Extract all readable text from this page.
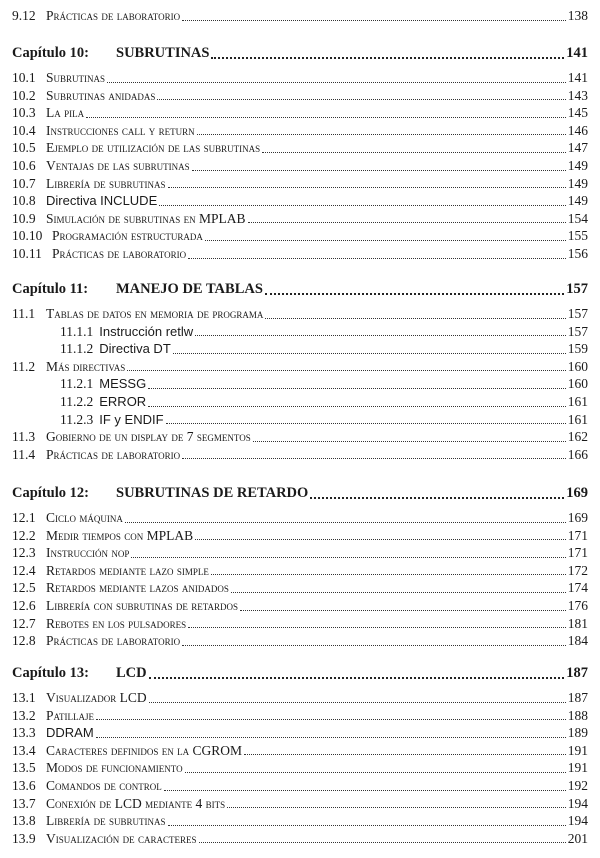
9.12 Prácticas de laboratorio	138
Capítulo 10:	SUBRUTINAS	141
10.1 Subrutinas	141
10.2 Subrutinas anidadas	143
10.3 La pila	145
10.4 Instrucciones call y return	146
10.5 Ejemplo de utilización de las subrutinas	147
10.6 Ventajas de las subrutinas	149
10.7 Librería de subrutinas	149
10.8 Directiva INCLUDE	149
10.9 Simulación de subrutinas en MPLAB	154
10.10 Programación estructurada	155
10.11 Prácticas de laboratorio	156
Capítulo 11:	MANEJO DE TABLAS	157
11.1 Tablas de datos en memoria de programa	157
11.1.1 Instrucción retlw	157
11.1.2 Directiva DT	159
11.2 Más directivas	160
11.2.1 MESSG	160
11.2.2 ERROR	161
11.2.3 IF y ENDIF	161
11.3 Gobierno de un display de 7 segmentos	162
11.4 Prácticas de laboratorio	166
Capítulo 12:	SUBRUTINAS DE RETARDO	169
12.1 Ciclo máquina	169
12.2 Medir tiempos con MPLAB	171
12.3 Instrucción nop	171
12.4 Retardos mediante lazo simple	172
12.5 Retardos mediante lazos anidados	174
12.6 Librería con subrutinas de retardos	176
12.7 Rebotes en los pulsadores	181
12.8 Prácticas de laboratorio	184
Capítulo 13:	LCD	187
13.1 Visualizador LCD	187
13.2 Patillaje	188
13.3 DDRAM	189
13.4 Caracteres definidos en la CGROM	191
13.5 Modos de funcionamiento	191
13.6 Comandos de control	192
13.7 Conexión de LCD mediante 4 bits	194
13.8 Librería de subrutinas	194
13.9 Visualización de caracteres	201
